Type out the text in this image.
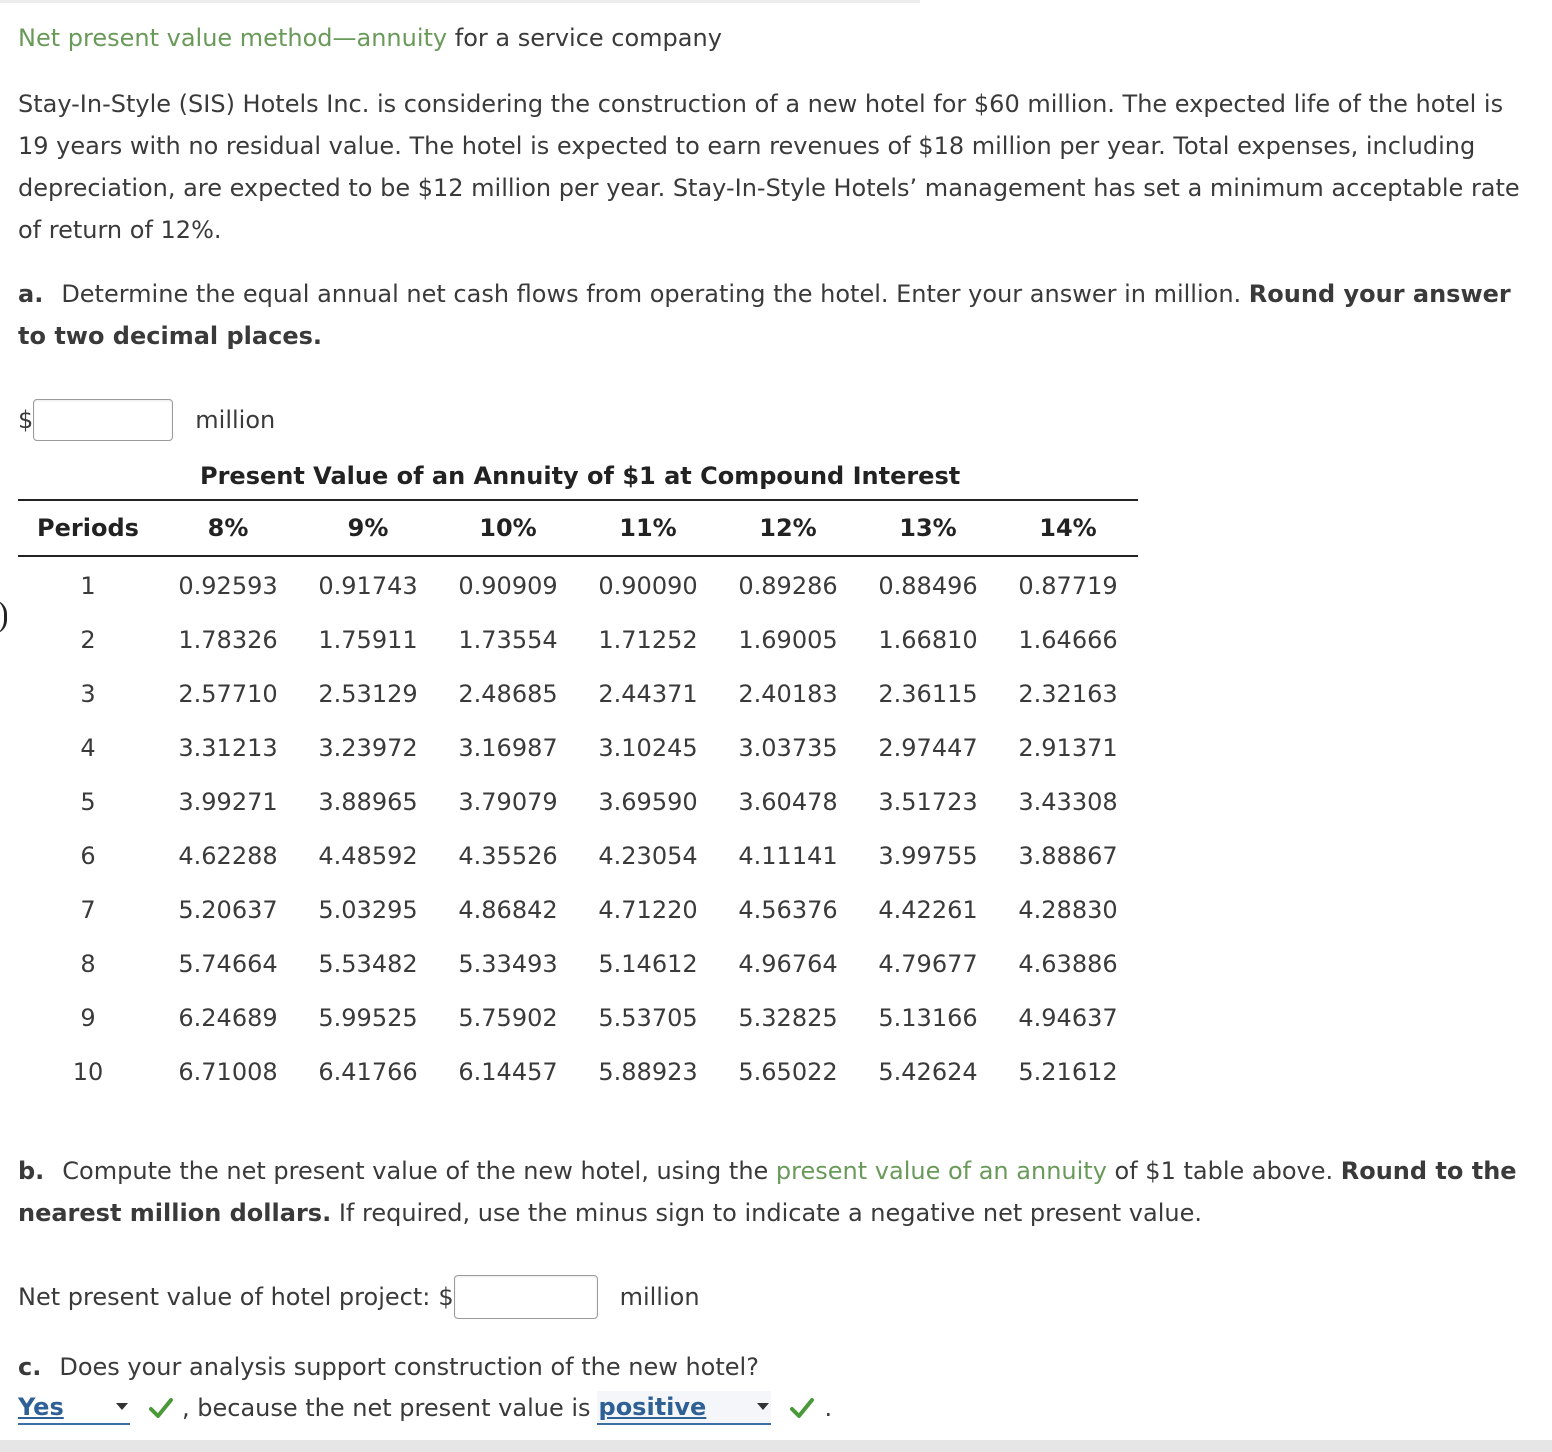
Net present value method—annuity for a service company
Stay-In-Style (SIS) Hotels Inc. is considering the construction of a new hotel for $60 million. The expected life of the hotel is 19 years with no residual value. The hotel is expected to earn revenues of $18 million per year. Total expenses, including depreciation, are expected to be $12 million per year. Stay-In-Style Hotels’ management has set a minimum acceptable rate of return of 12%.
a. Determine the equal annual net cash flows from operating the hotel. Enter your answer in million. Round your answer to two decimal places.
$	million
Present Value of an Annuity of $1 at Compound Interest
Periods	8%	9%	10%	11%	12%	13%	14%
1	0.92593	0.91743	0.90909	0.90090	0.89286	0.88496	0.87719
2	1.78326	1.75911	1.73554	1.71252	1.69005	1.66810	1.64666
3	2.57710	2.53129	2.48685	2.44371	2.40183	2.36115	2.32163
4	3.31213	3.23972	3.16987	3.10245	3.03735	2.97447	2.91371
5	3.99271	3.88965	3.79079	3.69590	3.60478	3.51723	3.43308
6	4.62288	4.48592	4.35526	4.23054	4.11141	3.99755	3.88867
7	5.20637	5.03295	4.86842	4.71220	4.56376	4.42261	4.28830
8	5.74664	5.53482	5.33493	5.14612	4.96764	4.79677	4.63886
9	6.24689	5.99525	5.75902	5.53705	5.32825	5.13166	4.94637
10	6.71008	6.41766	6.14457	5.88923	5.65022	5.42624	5.21612
b. Compute the net present value of the new hotel, using the present value of an annuity of $1 table above. Round to the nearest million dollars. If required, use the minus sign to indicate a negative net present value.
Net present value of hotel project: $	million
c. Does your analysis support construction of the new hotel?
Yes	, because the net present value is positive	.
